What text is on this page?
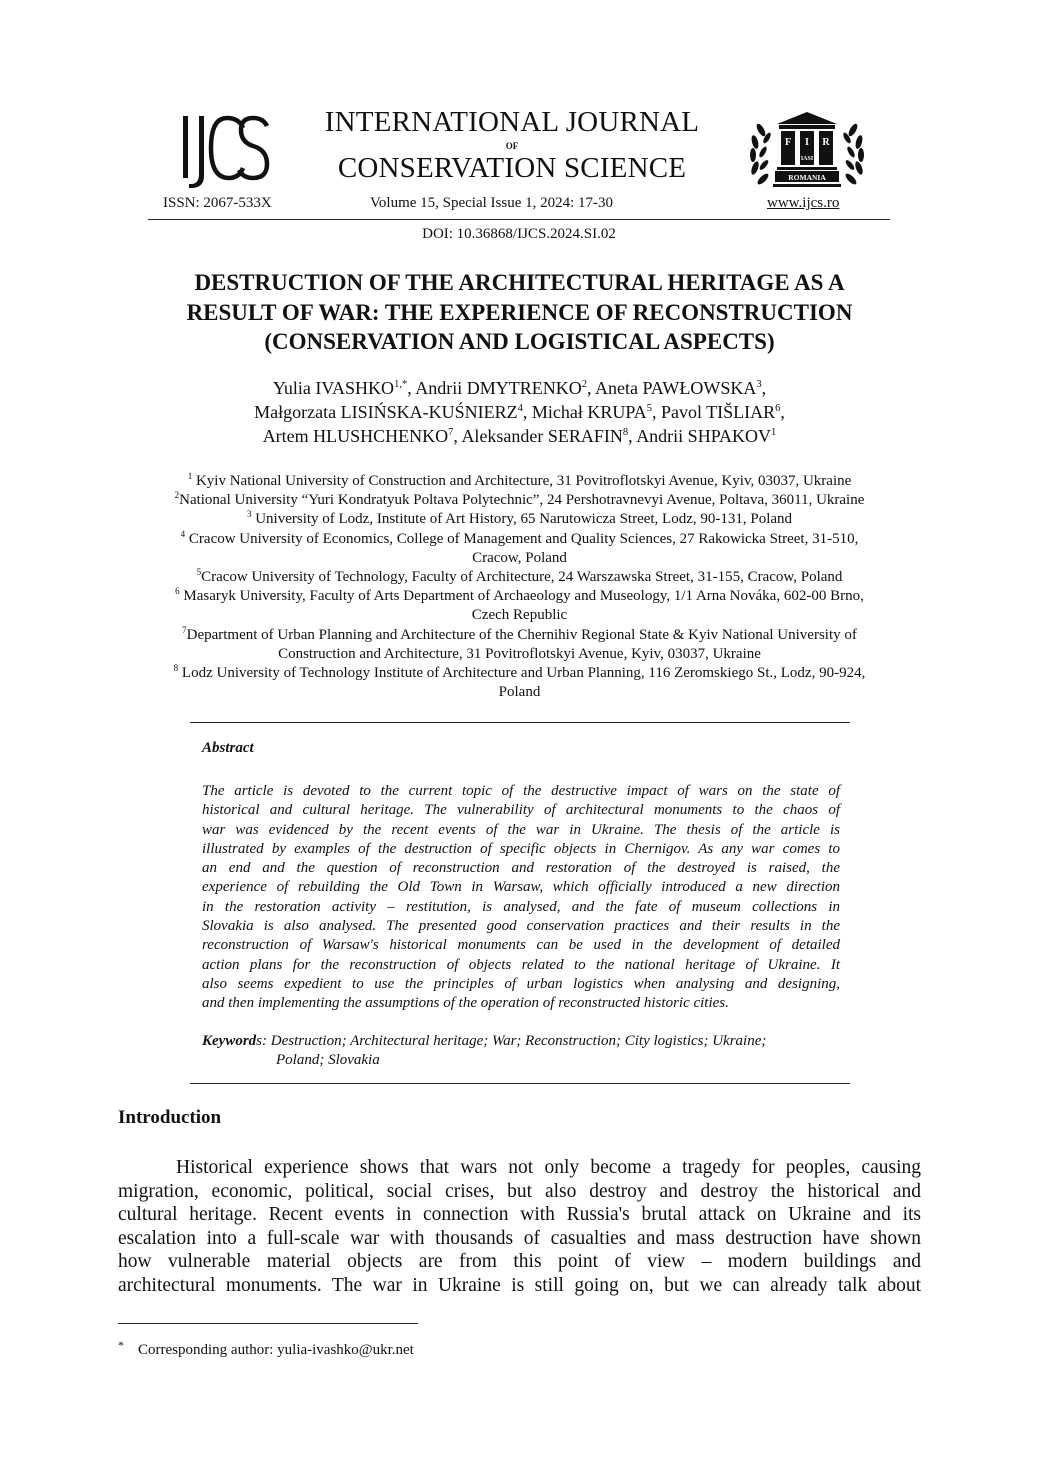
INTERNATIONAL JOURNAL
OF
CONSERVATION SCIENCE
F I R
IASI
ROMANIA
ISSN: 2067-533X	Volume 15, Special Issue 1, 2024: 17-30	www.ijcs.ro
DOI: 10.36868/IJCS.2024.SI.02
DESTRUCTION OF THE ARCHITECTURAL HERITAGE AS A
RESULT OF WAR: THE EXPERIENCE OF RECONSTRUCTION
(CONSERVATION AND LOGISTICAL ASPECTS)
Yulia $IVASHKO^{1,*}$, Andrii DMYTRENKO$^2$, Aneta PAWŁOWSKA$^3$,
Małgorzata LISIŃSKA-KUŚNIERZ$^4$, Michał KRUPA$^5$, Pavol TIŠLIAR$^6$,
Artem HLUSHCHENKO$^7$, Aleksander SERAFIN$^8$, Andrii SHPAKOV$^1$
$^1$ Kyiv National University of Construction and Architecture, 31 Povitroflotskyi Avenue, Kyiv, 03037, Ukraine
$^2$National University “Yuri Kondratyuk Poltava Polytechnic”, 24 Pershotravnevyi Avenue, Poltava, 36011, Ukraine
$^3$ University of Lodz, Institute of Art History, 65 Narutowicza Street, Lodz, 90-131, Poland
$^4$ Cracow University of Economics, College of Management and Quality Sciences, 27 Rakowicka Street, 31-510,
Cracow, Poland
$^5$Cracow University of Technology, Faculty of Architecture, 24 Warszawska Street, 31-155, Cracow, Poland
$^6$ Masaryk University, Faculty of Arts Department of Archaeology and Museology, 1/1 Arna Nováka, 602-00 Brno,
Czech Republic
$^7$Department of Urban Planning and Architecture of the Chernihiv Regional State & Kyiv National University of
Construction and Architecture, 31 Povitroflotskyi Avenue, Kyiv, 03037, Ukraine
$^8$ Lodz University of Technology Institute of Architecture and Urban Planning, 116 Zeromskiego St., Lodz, 90-924,
Poland
Abstract
The article is devoted to the current topic of the destructive impact of wars on the state of
historical and cultural heritage. The vulnerability of architectural monuments to the chaos of
war was evidenced by the recent events of the war in Ukraine. The thesis of the article is
illustrated by examples of the destruction of specific objects in Chernigov. As any war comes to
an end and the question of reconstruction and restoration of the destroyed is raised, the
experience of rebuilding the Old Town in Warsaw, which officially introduced a new direction
in the restoration activity – restitution, is analysed, and the fate of museum collections in
Slovakia is also analysed. The presented good conservation practices and their results in the
reconstruction of Warsaw's historical monuments can be used in the development of detailed
action plans for the reconstruction of objects related to the national heritage of Ukraine. It
also seems expedient to use the principles of urban logistics when analysing and designing,
and then implementing the assumptions of the operation of reconstructed historic cities.
Keywords: Destruction; Architectural heritage; War; Reconstruction; City logistics; Ukraine;
Poland; Slovakia
Introduction
Historical experience shows that wars not only become a tragedy for peoples, causing
migration, economic, political, social crises, but also destroy and destroy the historical and
cultural heritage. Recent events in connection with Russia's brutal attack on Ukraine and its
escalation into a full-scale war with thousands of casualties and mass destruction have shown
how vulnerable material objects are from this point of view – modern buildings and
architectural monuments. The war in Ukraine is still going on, but we can already talk about
* Corresponding author: yulia-ivashko@ukr.net
